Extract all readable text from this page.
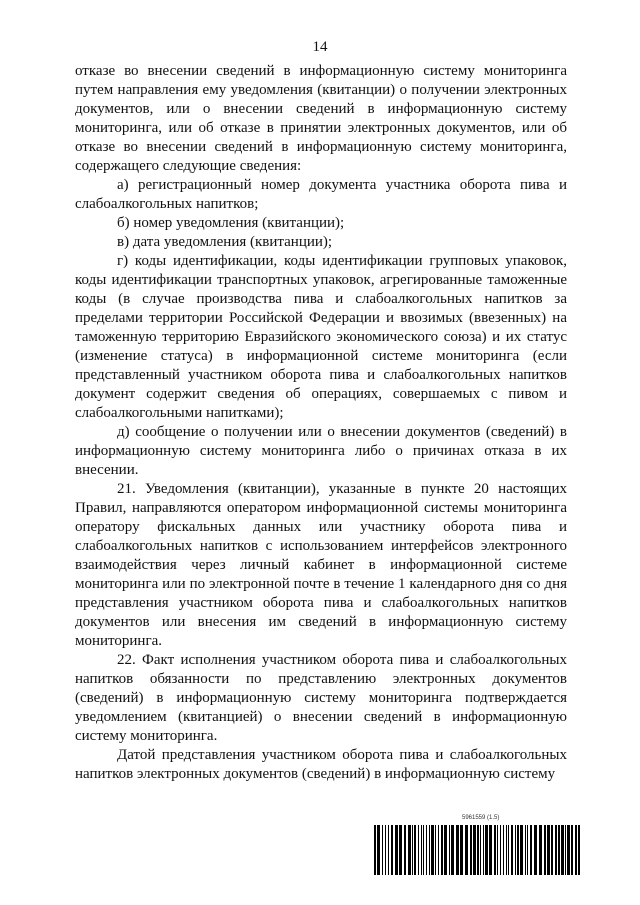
14

отказе во внесении сведений в информационную систему мониторинга путем направления ему уведомления (квитанции) о получении электронных документов, или о внесении сведений в информационную систему мониторинга, или об отказе в принятии электронных документов, или об отказе во внесении сведений в информационную систему мониторинга, содержащего следующие сведения:

а) регистрационный номер документа участника оборота пива и слабоалкогольных напитков;

б) номер уведомления (квитанции);

в) дата уведомления (квитанции);

г) коды идентификации, коды идентификации групповых упаковок, коды идентификации транспортных упаковок, агрегированные таможенные коды (в случае производства пива и слабоалкогольных напитков за пределами территории Российской Федерации и ввозимых (ввезенных) на таможенную территорию Евразийского экономического союза) и их статус (изменение статуса) в информационной системе мониторинга (если представленный участником оборота пива и слабоалкогольных напитков документ содержит сведения об операциях, совершаемых с пивом и слабоалкогольными напитками);

д) сообщение о получении или о внесении документов (сведений) в информационную систему мониторинга либо о причинах отказа в их внесении.

21. Уведомления (квитанции), указанные в пункте 20 настоящих Правил, направляются оператором информационной системы мониторинга оператору фискальных данных или участнику оборота пива и слабоалкогольных напитков с использованием интерфейсов электронного взаимодействия через личный кабинет в информационной системе мониторинга или по электронной почте в течение 1 календарного дня со дня представления участником оборота пива и слабоалкогольных напитков документов или внесения им сведений в информационную систему мониторинга.

22. Факт исполнения участником оборота пива и слабоалкогольных напитков обязанности по представлению электронных документов (сведений) в информационную систему мониторинга подтверждается уведомлением (квитанцией) о внесении сведений в информационную систему мониторинга.

Датой представления участником оборота пива и слабоалкогольных напитков электронных документов (сведений) в информационную систему

5961559 (1.5)
